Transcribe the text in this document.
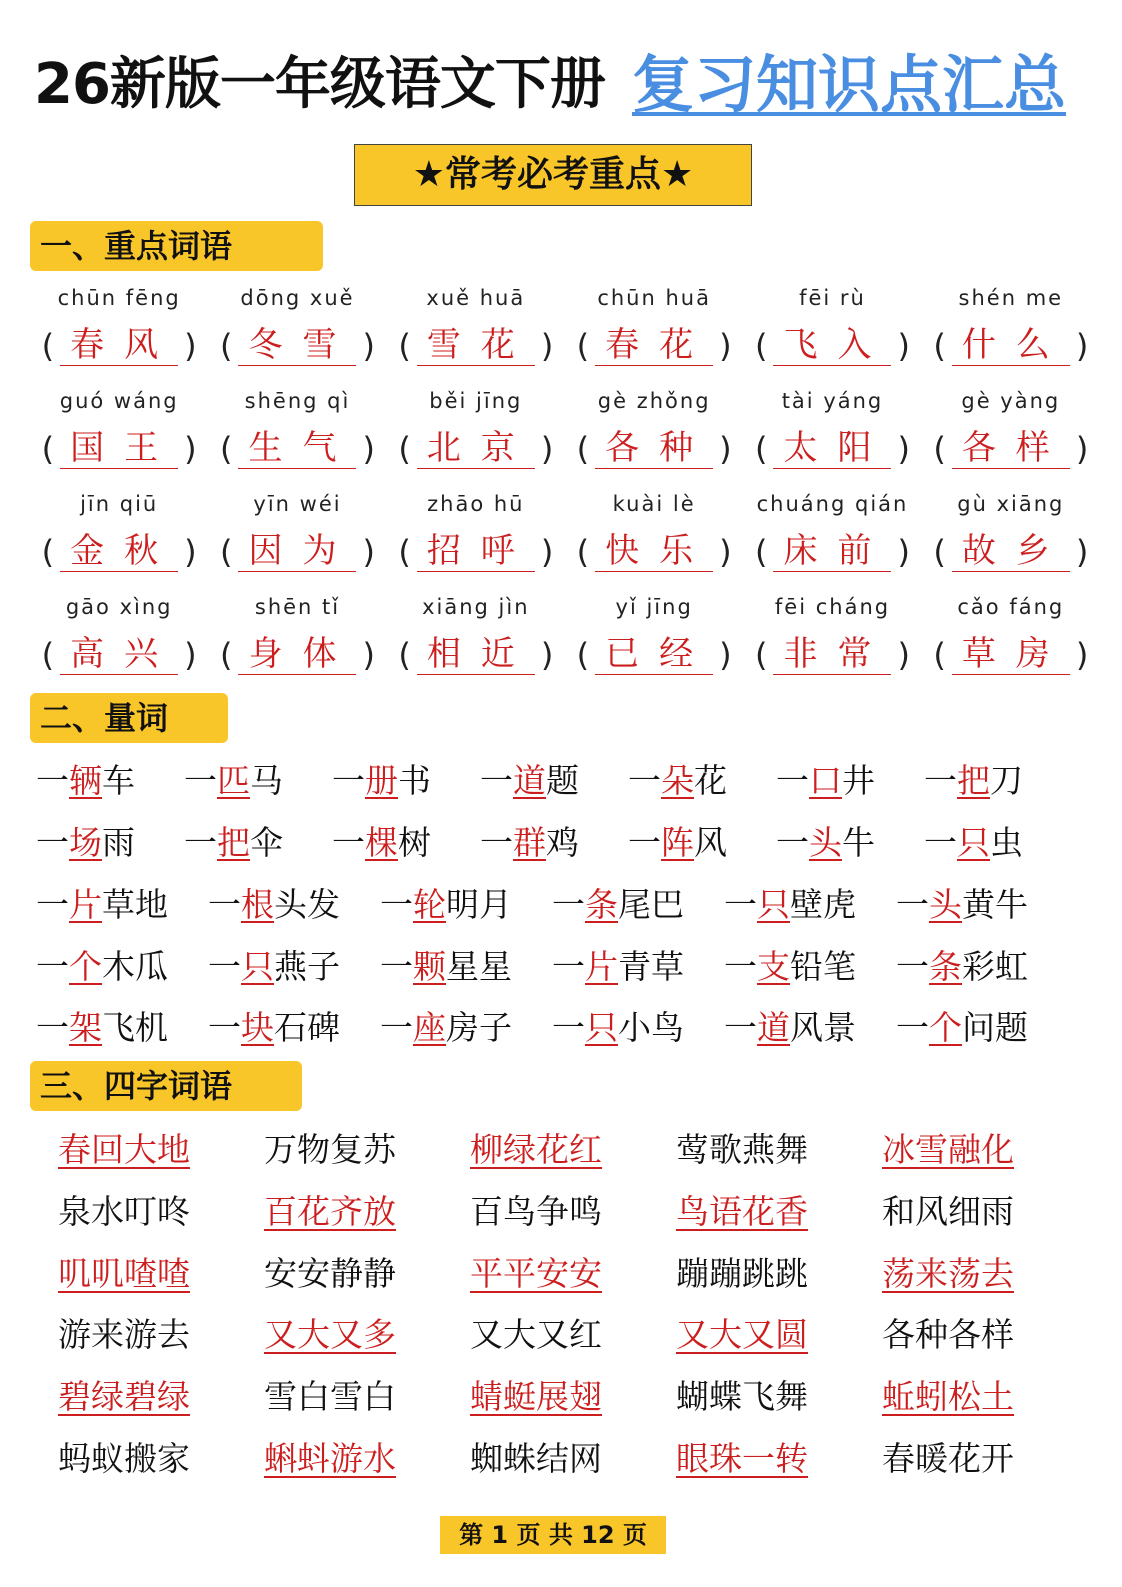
26新版一年级语文下册 复习知识点汇总
★常考必考重点★
一、重点词语
chūn fēng
( 春风 )
dōng xuě
( 冬雪 )
xuě huā
( 雪花 )
chūn huā
( 春花 )
fēi rù
( 飞入 )
shén me
( 什么 )
guó wáng
( 国王 )
shēng qì
( 生气 )
běi jīng
( 北京 )
gè zhǒng
( 各种 )
tài yáng
( 太阳 )
gè yàng
( 各样 )
jīn qiū
( 金秋 )
yīn wéi
( 因为 )
zhāo hū
( 招呼 )
kuài lè
( 快乐 )
chuáng qián
( 床前 )
gù xiāng
( 故乡 )
gāo xìng
( 高兴 )
shēn tǐ
( 身体 )
xiāng jìn
( 相近 )
yǐ jīng
( 已经 )
fēi cháng
( 非常 )
cǎo fáng
( 草房 )
二、量词
一辆车	一匹马	一册书	一道题	一朵花	一口井	一把刀
一场雨	一把伞	一棵树	一群鸡	一阵风	一头牛	一只虫
一片草地	一根头发	一轮明月	一条尾巴	一只壁虎	一头黄牛
一个木瓜	一只燕子	一颗星星	一片青草	一支铅笔	一条彩虹
一架飞机	一块石碑	一座房子	一只小鸟	一道风景	一个问题
三、四字词语
春回大地	万物复苏	柳绿花红	莺歌燕舞	冰雪融化
泉水叮咚	百花齐放	百鸟争鸣	鸟语花香	和风细雨
叽叽喳喳	安安静静	平平安安	蹦蹦跳跳	荡来荡去
游来游去	又大又多	又大又红	又大又圆	各种各样
碧绿碧绿	雪白雪白	蜻蜓展翅	蝴蝶飞舞	蚯蚓松土
蚂蚁搬家	蝌蚪游水	蜘蛛结网	眼珠一转	春暖花开
第 1 页 共 12 页
